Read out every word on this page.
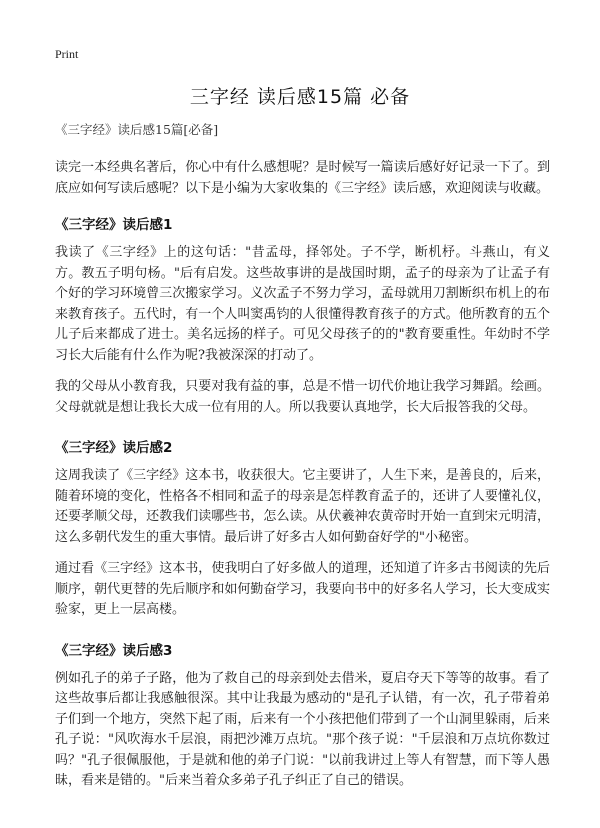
Print
三字经 读后感15篇 必备
《三字经》读后感15篇[必备]

读完一本经典名著后，你心中有什么感想呢？是时候写一篇读后感好好记录一下了。到底应如何写读后感呢？以下是小编为大家收集的《三字经》读后感，欢迎阅读与收藏。

《三字经》读后感1

我读了《三字经》上的这句话："昔孟母，择邻处。子不学，断机杼。斗燕山，有义方。教五子明句杨。"后有启发。这些故事讲的是战国时期，孟子的母亲为了让孟子有个好的学习环境曾三次搬家学习。义次孟子不努力学习，孟母就用刀割断织布机上的布来教育孩子。五代时，有一个人叫窦禹钧的人很懂得教育孩子的方式。他所教育的五个儿子后来都成了进士。美名远扬的样子。可见父母孩子的的"教育要重性。年幼时不学习长大后能有什么作为呢?我被深深的打动了。

我的父母从小教育我，只要对我有益的事，总是不惜一切代价地让我学习舞蹈。绘画。父母就就是想让我长大成一位有用的人。所以我要认真地学，长大后报答我的父母。

《三字经》读后感2

这周我读了《三字经》这本书，收获很大。它主要讲了，人生下来，是善良的，后来，随着环境的变化，性格各不相同和孟子的母亲是怎样教育孟子的，还讲了人要懂礼仪，还要孝顺父母，还教我们读哪些书，怎么读。从伏羲神农黄帝时开始一直到宋元明清，这么多朝代发生的重大事情。最后讲了好多古人如何勤奋好学的"小秘密。

通过看《三字经》这本书，使我明白了好多做人的道理，还知道了许多古书阅读的先后顺序，朝代更替的先后顺序和如何勤奋学习，我要向书中的好多名人学习，长大变成实验家，更上一层高楼。

《三字经》读后感3

例如孔子的弟子子路，他为了救自己的母亲到处去借米，夏启夺天下等等的故事。看了这些故事后都让我感触很深。其中让我最为感动的"是孔子认错，有一次，孔子带着弟子们到一个地方，突然下起了雨，后来有一个小孩把他们带到了一个山洞里躲雨，后来孔子说："风吹海水千层浪，雨把沙滩万点坑。"那个孩子说："千层浪和万点坑你数过吗？"孔子很佩服他，于是就和他的弟子门说："以前我讲过上等人有智慧，而下等人愚昧，看来是错的。"后来当着众多弟子孔子纠正了自己的错误。
